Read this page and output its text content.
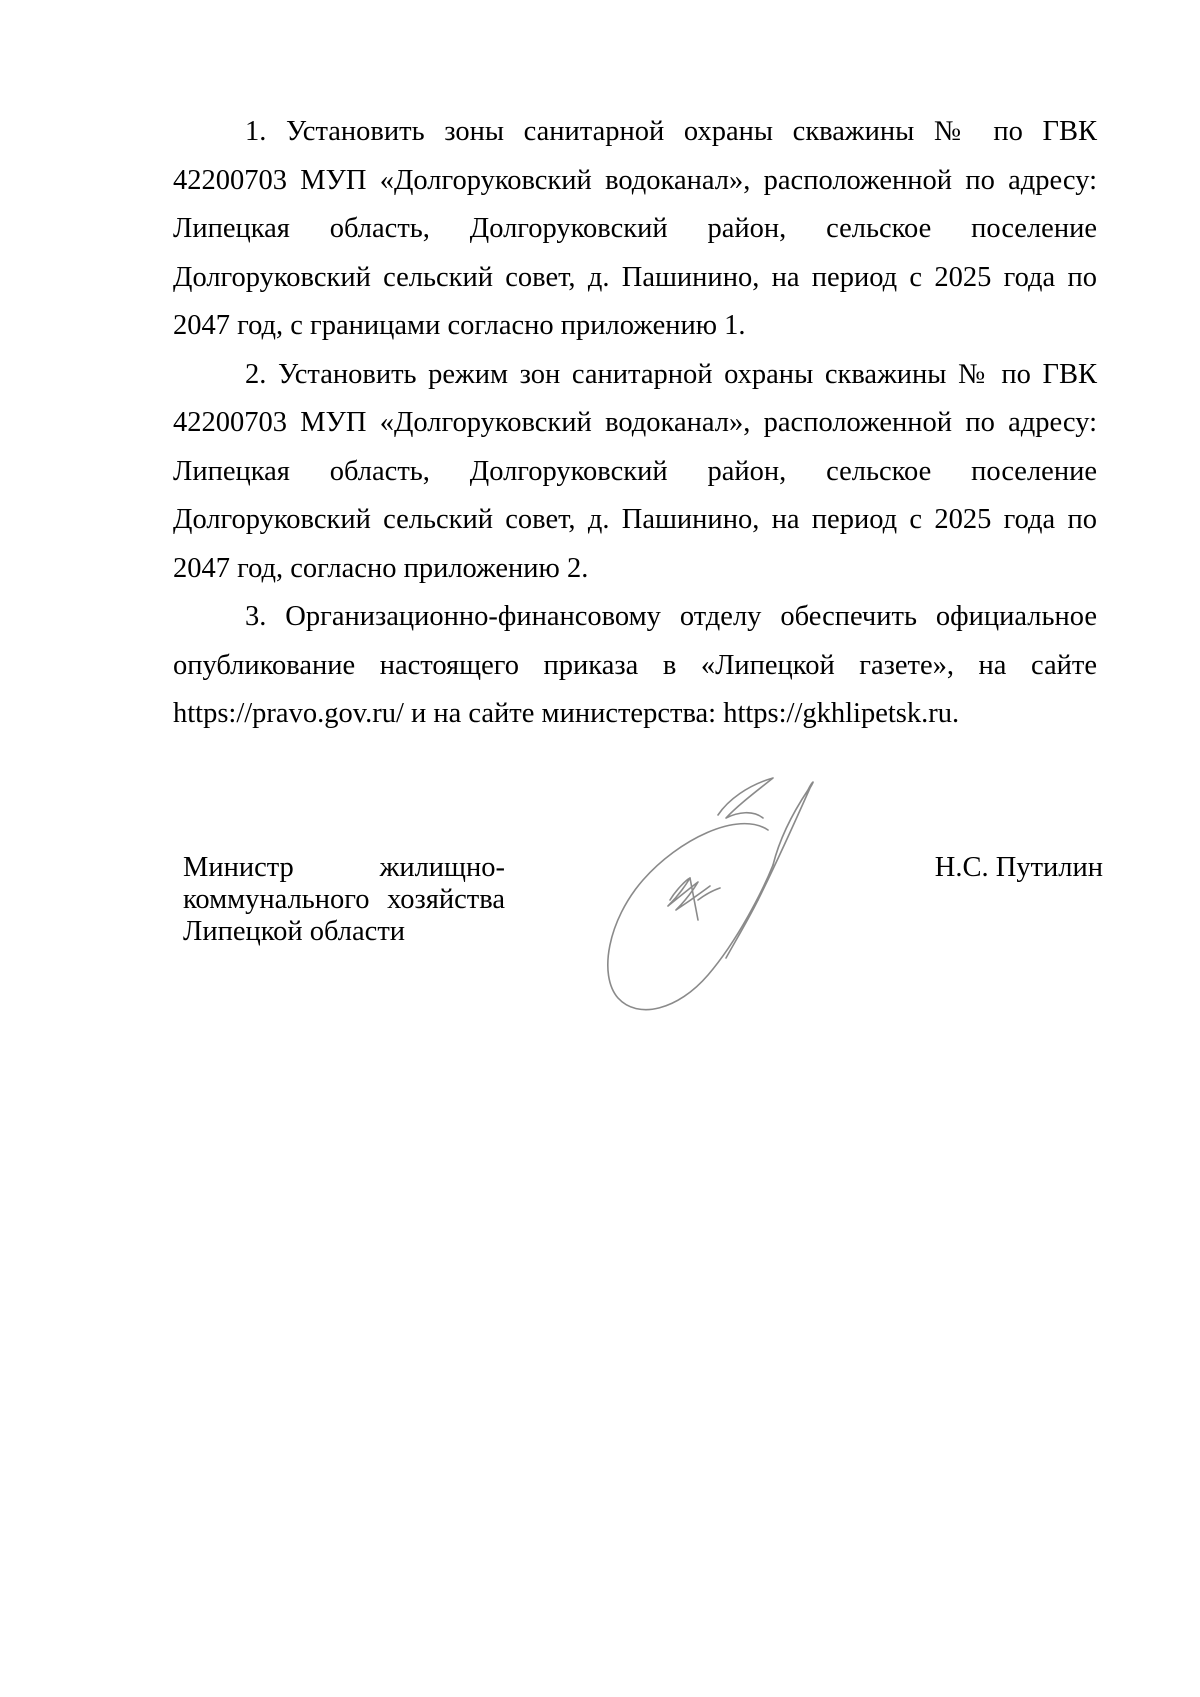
1. Установить зоны санитарной охраны скважины № по ГВК 42200703 МУП «Долгоруковский водоканал», расположенной по адресу: Липецкая область, Долгоруковский район, сельское поселение Долгоруковский сельский совет, д. Пашинино, на период с 2025 года по 2047 год, с границами согласно приложению 1.

2. Установить режим зон санитарной охраны скважины № по ГВК 42200703 МУП «Долгоруковский водоканал», расположенной по адресу: Липецкая область, Долгоруковский район, сельское поселение Долгоруковский сельский совет, д. Пашинино, на период с 2025 года по 2047 год, согласно приложению 2.

3. Организационно-финансовому отделу обеспечить официальное опубликование настоящего приказа в «Липецкой газете», на сайте https://pravo.gov.ru/ и на сайте министерства: https://gkhlipetsk.ru.

Министр жилищно-коммунального хозяйства Липецкой области

Н.С. Путилин
